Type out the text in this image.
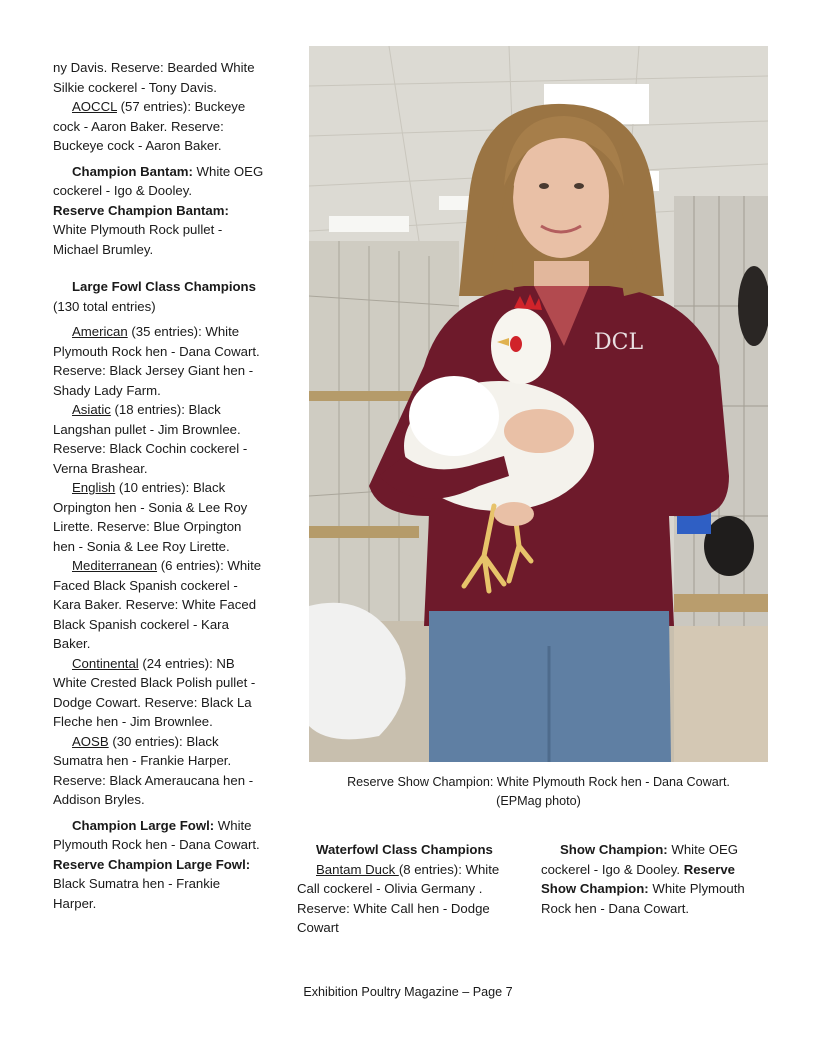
ny Davis. Reserve: Bearded White Silkie cockerel - Tony Davis.

AOCCL (57 entries): Buckeye cock - Aaron Baker. Reserve: Buckeye cock - Aaron Baker.

Champion Bantam: White OEG cockerel - Igo & Dooley.

Reserve Champion Bantam: White Plymouth Rock pullet - Michael Brumley.

Large Fowl Class Champions

(130 total entries)

American (35 entries): White Plymouth Rock hen - Dana Cowart. Reserve: Black Jersey Giant hen - Shady Lady Farm.

Asiatic (18 entries): Black Langshan pullet - Jim Brownlee. Reserve: Black Cochin cockerel - Verna Brashear.

English (10 entries): Black Orpington hen - Sonia & Lee Roy Lirette. Reserve: Blue Orpington hen - Sonia & Lee Roy Lirette.

Mediterranean (6 entries): White Faced Black Spanish cockerel - Kara Baker. Reserve: White Faced Black Spanish cockerel - Kara Baker.

Continental (24 entries): NB White Crested Black Polish pullet - Dodge Cowart. Reserve: Black La Fleche hen - Jim Brownlee.

AOSB (30 entries): Black Sumatra hen - Frankie Harper. Reserve: Black Ameraucana hen - Addison Bryles.

Champion Large Fowl: White Plymouth Rock hen - Dana Cowart. Reserve Champion Large Fowl: Black Sumatra hen - Frankie Harper.

DCL
Reserve Show Champion: White Plymouth Rock hen - Dana Cowart.
(EPMag photo)

Waterfowl Class Champions

Bantam Duck (8 entries): White Call cockerel - Olivia Germany . Reserve: White Call hen - Dodge Cowart

Show Champion: White OEG cockerel - Igo & Dooley. Reserve Show Champion: White Plymouth Rock hen - Dana Cowart.

Exhibition Poultry Magazine – Page 7
